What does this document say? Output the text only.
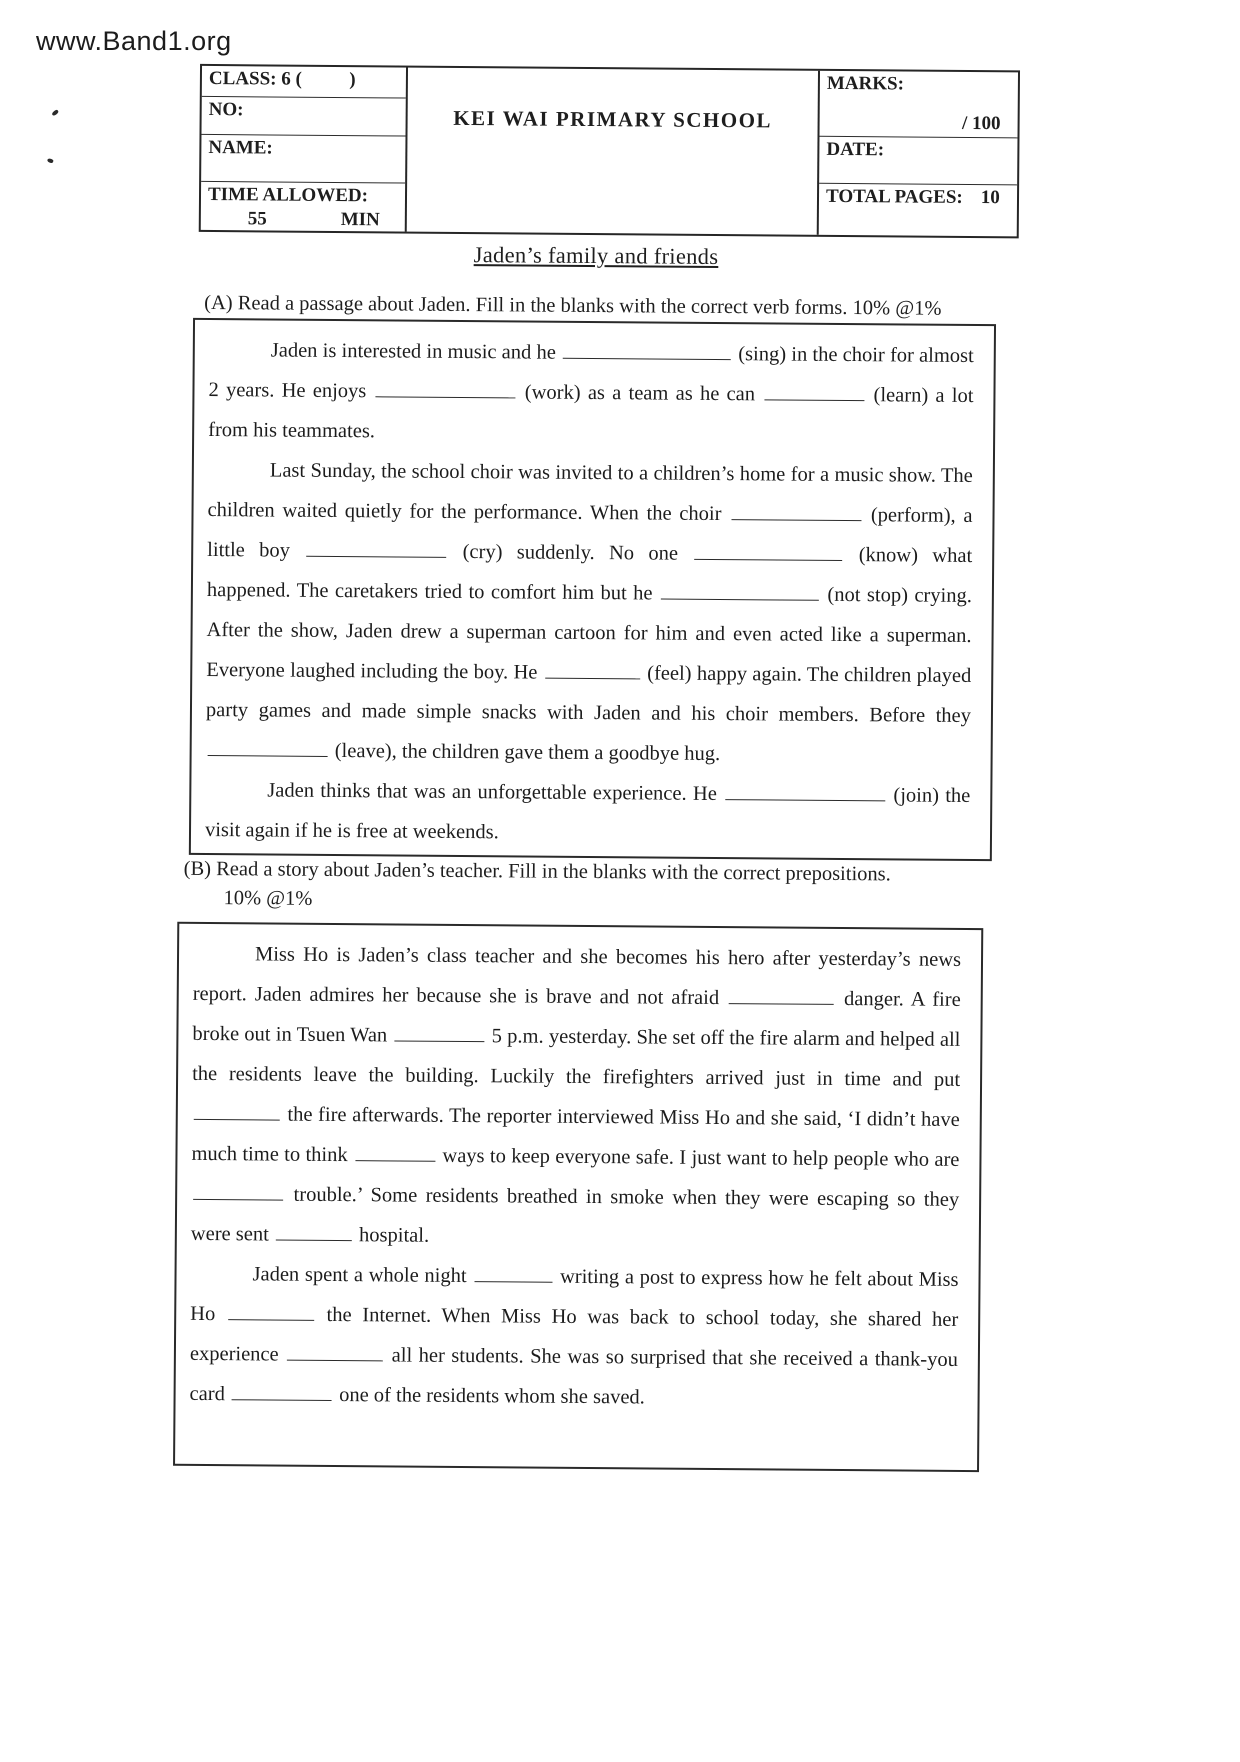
www.Band1.org
CLASS: 6 (          )
NO:
NAME:
TIME ALLOWED:
55	MIN
KEI WAI PRIMARY SCHOOL
MARKS:
/ 100
DATE:
TOTAL PAGES: 10
Jaden’s family and friends
(A) Read a passage about Jaden. Fill in the blanks with the correct verb forms. 10% @1%

Jaden is interested in music and he	(sing) in the choir for almost 2 years. He enjoys	(work) as a team as he can	(learn) a lot from his teammates.

Last Sunday, the school choir was invited to a children’s home for a music show. The children waited quietly for the performance. When the choir	(perform), a little boy	(cry) suddenly. No one	(know) what happened. The caretakers tried to comfort him but he	(not stop) crying. After the show, Jaden drew a superman cartoon for him and even acted like a superman. Everyone laughed including the boy. He	(feel) happy again. The children played party games and made simple snacks with Jaden and his choir members. Before they  (leave), the children gave them a goodbye hug.

Jaden thinks that was an unforgettable experience. He	(join) the visit again if he is free at weekends.

(B) Read a story about Jaden’s teacher. Fill in the blanks with the correct prepositions.
10% @1%

Miss Ho is Jaden’s class teacher and she becomes his hero after yesterday’s news report. Jaden admires her because she is brave and not afraid	danger. A fire broke out in Tsuen Wan	5 p.m. yesterday. She set off the fire alarm and helped all the residents leave the building. Luckily the firefighters arrived just in time and put  the fire afterwards. The reporter interviewed Miss Ho and she said, ‘I didn’t have much time to think	ways to keep everyone safe. I just want to help people who are  trouble.’ Some residents breathed in smoke when they were escaping so they were sent	hospital.

Jaden spent a whole night	writing a post to express how he felt about Miss Ho	the Internet. When Miss Ho was back to school today, she shared her experience	all her students. She was so surprised that she received a thank-you card	one of the residents whom she saved.
